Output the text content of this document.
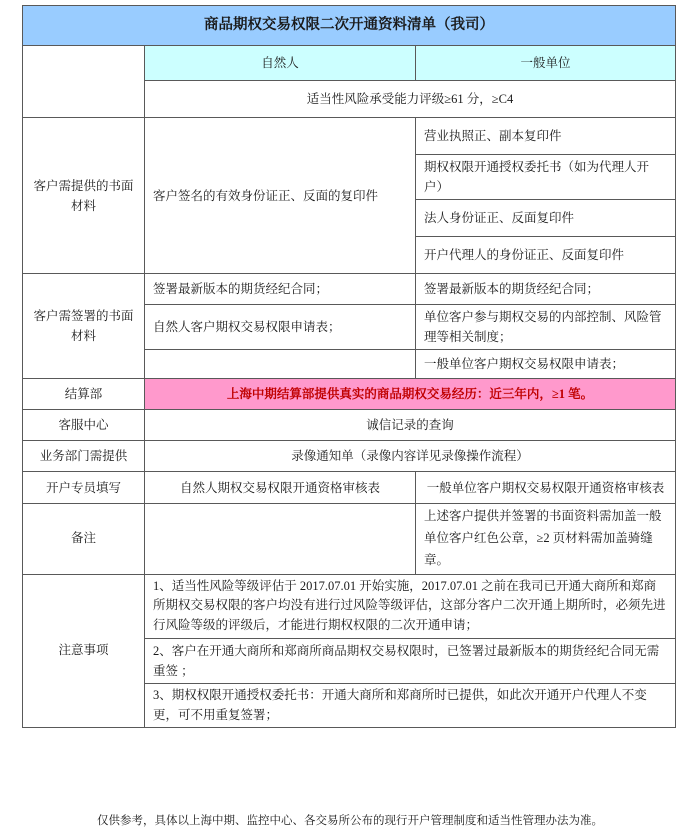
商品期权交易权限二次开通资料清单（我司）		
	自然人	一般单位
	适当性风险承受能力评级≥61 分，≥C4	
客户需提供的书面材料	客户签名的有效身份证正、反面的复印件	营业执照正、副本复印件
		期权权限开通授权委托书（如为代理人开户）
		法人身份证正、反面复印件
		开户代理人的身份证正、反面复印件
客户需签署的书面材料	签署最新版本的期货经纪合同；	签署最新版本的期货经纪合同；
	自然人客户期权交易权限申请表；	单位客户参与期权交易的内部控制、风险管理等相关制度；
		一般单位客户期权交易权限申请表；
结算部	上海中期结算部提供真实的商品期权交易经历：近三年内，≥1 笔。	
客服中心	诚信记录的查询	
业务部门需提供	录像通知单（录像内容详见录像操作流程）	
开户专员填写	自然人期权交易权限开通资格审核表	一般单位客户期权交易权限开通资格审核表
备注		上述客户提供并签署的书面资料需加盖一般单位客户红色公章，≥2 页材料需加盖骑缝章。
注意事项	1、适当性风险等级评估于 2017.07.01 开始实施，2017.07.01 之前在我司已开通大商所和郑商所期权交易权限的客户均没有进行过风险等级评估，这部分客户二次开通上期所时，必须先进行风险等级的评级后，才能进行期权权限的二次开通申请；	
	2、客户在开通大商所和郑商所商品期权交易权限时，已签署过最新版本的期货经纪合同无需重签 ；	
	3、期权权限开通授权委托书：开通大商所和郑商所时已提供，如此次开通开户代理人不变更，可不用重复签署；	
仅供参考，具体以上海中期、监控中心、各交易所公布的现行开户管理制度和适当性管理办法为准。
